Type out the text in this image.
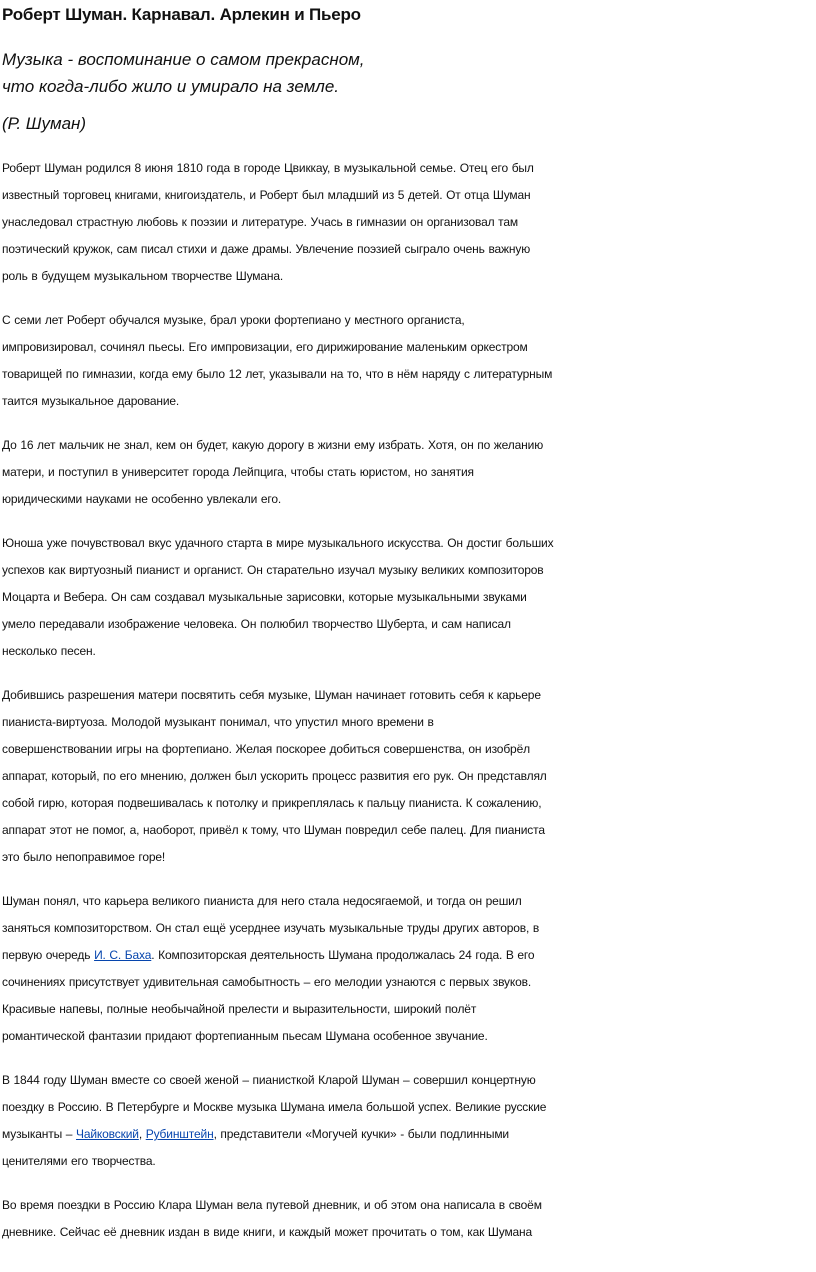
Роберт Шуман. Карнавал. Арлекин и Пьеро
Музыка - воспоминание о самом прекрасном,
что когда-либо жило и умирало на земле.
(Р. Шуман)
Роберт Шуман родился 8 июня 1810 года в городе Цвиккау, в музыкальной семье. Отец его был
известный торговец книгами, книгоиздатель, и Роберт был младший из 5 детей. От отца Шуман
унаследовал страстную любовь к поэзии и литературе. Учась в гимназии он организовал там
поэтический кружок, сам писал стихи и даже драмы. Увлечение поэзией сыграло очень важную
роль в будущем музыкальном творчестве Шумана.
С семи лет Роберт обучался музыке, брал уроки фортепиано у местного органиста,
импровизировал, сочинял пьесы. Его импровизации, его дирижирование маленьким оркестром
товарищей по гимназии, когда ему было 12 лет, указывали на то, что в нём наряду с литературным
таится музыкальное дарование.
До 16 лет мальчик не знал, кем он будет, какую дорогу в жизни ему избрать. Хотя, он по желанию
матери, и поступил в университет города Лейпцига, чтобы стать юристом, но занятия
юридическими науками не особенно увлекали его.
Юноша уже почувствовал вкус удачного старта в мире музыкального искусства. Он достиг больших
успехов как виртуозный пианист и органист. Он старательно изучал музыку великих композиторов
Моцарта и Вебера. Он сам создавал музыкальные зарисовки, которые музыкальными звуками
умело передавали изображение человека. Он полюбил творчество Шуберта, и сам написал
несколько песен.
Добившись разрешения матери посвятить себя музыке, Шуман начинает готовить себя к карьере
пианиста-виртуоза. Молодой музыкант понимал, что упустил много времени в
совершенствовании игры на фортепиано. Желая поскорее добиться совершенства, он изобрёл
аппарат, который, по его мнению, должен был ускорить процесс развития его рук. Он представлял
собой гирю, которая подвешивалась к потолку и прикреплялась к пальцу пианиста. К сожалению,
аппарат этот не помог, а, наоборот, привёл к тому, что Шуман повредил себе палец. Для пианиста
это было непоправимое горе!
Шуман понял, что карьера великого пианиста для него стала недосягаемой, и тогда он решил
заняться композиторством. Он стал ещё усерднее изучать музыкальные труды других авторов, в
первую очередь И. С. Баха. Композиторская деятельность Шумана продолжалась 24 года. В его
сочинениях присутствует удивительная самобытность – его мелодии узнаются с первых звуков.
Красивые напевы, полные необычайной прелести и выразительности, широкий полёт
романтической фантазии придают фортепианным пьесам Шумана особенное звучание.
В 1844 году Шуман вместе со своей женой – пианисткой Кларой Шуман – совершил концертную
поездку в Россию. В Петербурге и Москве музыка Шумана имела большой успех. Великие русские
музыканты – Чайковский, Рубинштейн, представители «Могучей кучки» - были подлинными
ценителями его творчества.
Во время поездки в Россию Клара Шуман вела путевой дневник, и об этом она написала в своём
дневнике. Сейчас её дневник издан в виде книги, и каждый может прочитать о том, как Шумана
